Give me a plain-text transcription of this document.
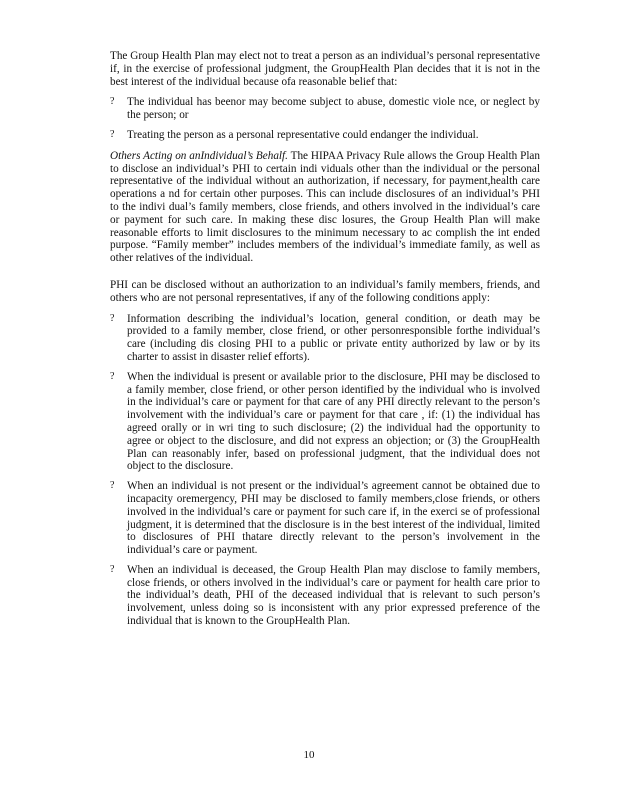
The Group Health Plan may elect not to treat a person as an individual’s personal representative if, in the exercise of professional judgment, the GroupHealth Plan decides that it is not in the best interest of the individual because ofa reasonable belief that:

? The individual has beenor may become subject to abuse, domestic viole nce, or neglect by the person; or
? Treating the person as a personal representative could endanger the individual.

Others Acting on anIndividual’s Behalf. The HIPAA Privacy Rule allows the Group Health Plan to disclose an individual’s PHI to certain indi viduals other than the individual or the personal representative of the individual without an authorization, if necessary, for payment,health care operations a nd for certain other purposes. This can include disclosures of an individual’s PHI to the indivi dual’s family members, close friends, and others involved in the individual’s care or payment for such care. In making these disc losures, the Group Health Plan will make reasonable efforts to limit disclosures to the minimum necessary to ac complish the int ended purpose. “Family member” includes members of the individual’s immediate family, as well as other relatives of the individual.

PHI can be disclosed without an authorization to an individual’s family members, friends, and others who are not personal representatives, if any of the following conditions apply:

? Information describing the individual’s location, general condition, or death may be provided to a family member, close friend, or other personresponsible forthe individual’s care (including dis closing PHI to a public or private entity authorized by law or by its charter to assist in disaster relief efforts).
? When the individual is present or available prior to the disclosure, PHI may be disclosed to a family member, close friend, or other person identified by the individual who is involved in the individual’s care or payment for that care of any PHI directly relevant to the person’s involvement with the individual’s care or payment for that care , if: (1) the individual has agreed orally or in wri ting to such disclosure; (2) the individual had the opportunity to agree or object to the disclosure, and did not express an objection; or (3) the GroupHealth Plan can reasonably infer, based on professional judgment, that the individual does not object to the disclosure.
? When an individual is not present or the individual’s agreement cannot be obtained due to incapacity oremergency, PHI may be disclosed to family members,close friends, or others involved in the individual’s care or payment for such care if, in the exerci se of professional judgment, it is determined that the disclosure is in the best interest of the individual, limited to disclosures of PHI thatare directly relevant to the person’s involvement in the individual’s care or payment.
? When an individual is deceased, the Group Health Plan may disclose to family members, close friends, or others involved in the individual’s care or payment for health care prior to the individual’s death, PHI of the deceased individual that is relevant to such person’s involvement, unless doing so is inconsistent with any prior expressed preference of the individual that is known to the GroupHealth Plan.
10
